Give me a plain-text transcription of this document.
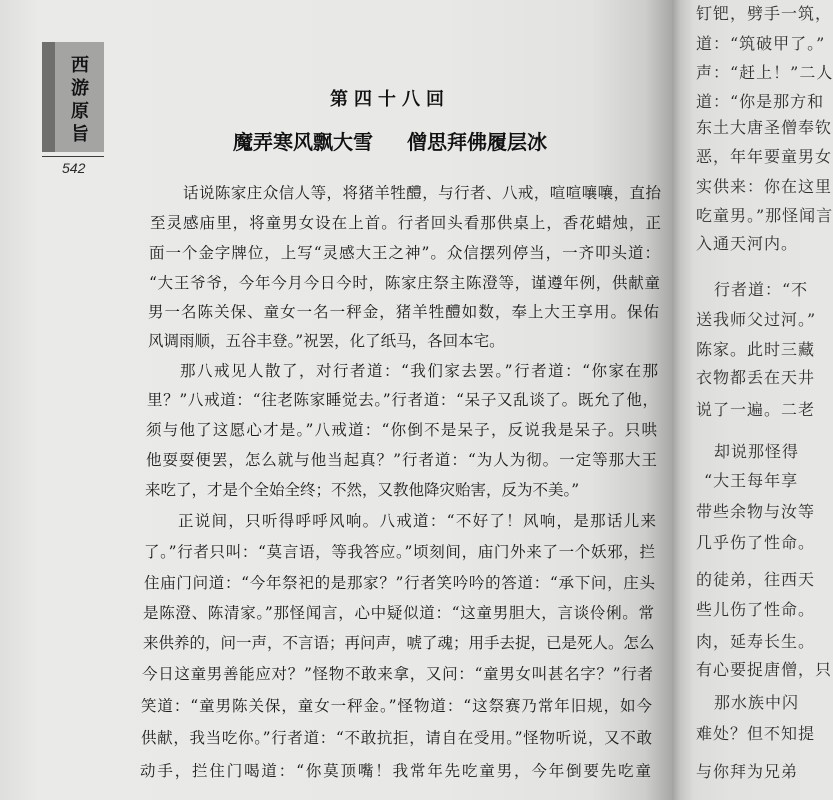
西游原旨
542
第四十八回
魔弄寒风飘大雪 僧思拜佛履层冰
话说陈家庄众信人等，将猪羊牲醴，与行者、八戒，喧喧嚷嚷，直抬
至灵感庙里，将童男女设在上首。行者回头看那供桌上，香花蜡烛，正
面一个金字牌位，上写“灵感大王之神”。众信摆列停当，一齐叩头道：
“大王爷爷，今年今月今日今时，陈家庄祭主陈澄等，谨遵年例，供献童
男一名陈关保、童女一名一秤金，猪羊牲醴如数，奉上大王享用。保佑
风调雨顺，五谷丰登。”祝罢，化了纸马，各回本宅。
那八戒见人散了，对行者道：“我们家去罢。”行者道：“你家在那
里？”八戒道：“往老陈家睡觉去。”行者道：“呆子又乱谈了。既允了他，
须与他了这愿心才是。”八戒道：“你倒不是呆子，反说我是呆子。只哄
他耍耍便罢，怎么就与他当起真？”行者道：“为人为彻。一定等那大王
来吃了，才是个全始全终；不然，又教他降灾贻害，反为不美。”
正说间，只听得呼呼风响。八戒道：“不好了！风响，是那话儿来
了。”行者只叫：“莫言语，等我答应。”顷刻间，庙门外来了一个妖邪，拦
住庙门问道：“今年祭祀的是那家？”行者笑吟吟的答道：“承下问，庄头
是陈澄、陈清家。”那怪闻言，心中疑似道：“这童男胆大，言谈伶俐。常
来供养的，问一声，不言语；再问声，唬了魂；用手去捉，已是死人。怎么
今日这童男善能应对？”怪物不敢来拿，又问：“童男女叫甚名字？”行者
笑道：“童男陈关保，童女一秤金。”怪物道：“这祭赛乃常年旧规，如今
供献，我当吃你。”行者道：“不敢抗拒，请自在受用。”怪物听说，又不敢
动手，拦住门喝道：“你莫顶嘴！我常年先吃童男，今年倒要先吃童
钉钯，劈手一筑，
道：“筑破甲了。”
声：“赶上！”二人
道：“你是那方和
东土大唐圣僧奉钦
恶，年年要童男女
实供来：你在这里
吃童男。”那怪闻言
入通天河内。
行者道：“不
送我师父过河。”
陈家。此时三藏
衣物都丢在天井
说了一遍。二老
却说那怪得
“大王每年享
带些余物与汝等
几乎伤了性命。
的徒弟，往西天
些儿伤了性命。
肉，延寿长生。
有心要捉唐僧，只
那水族中闪
难处？但不知提
与你拜为兄弟
